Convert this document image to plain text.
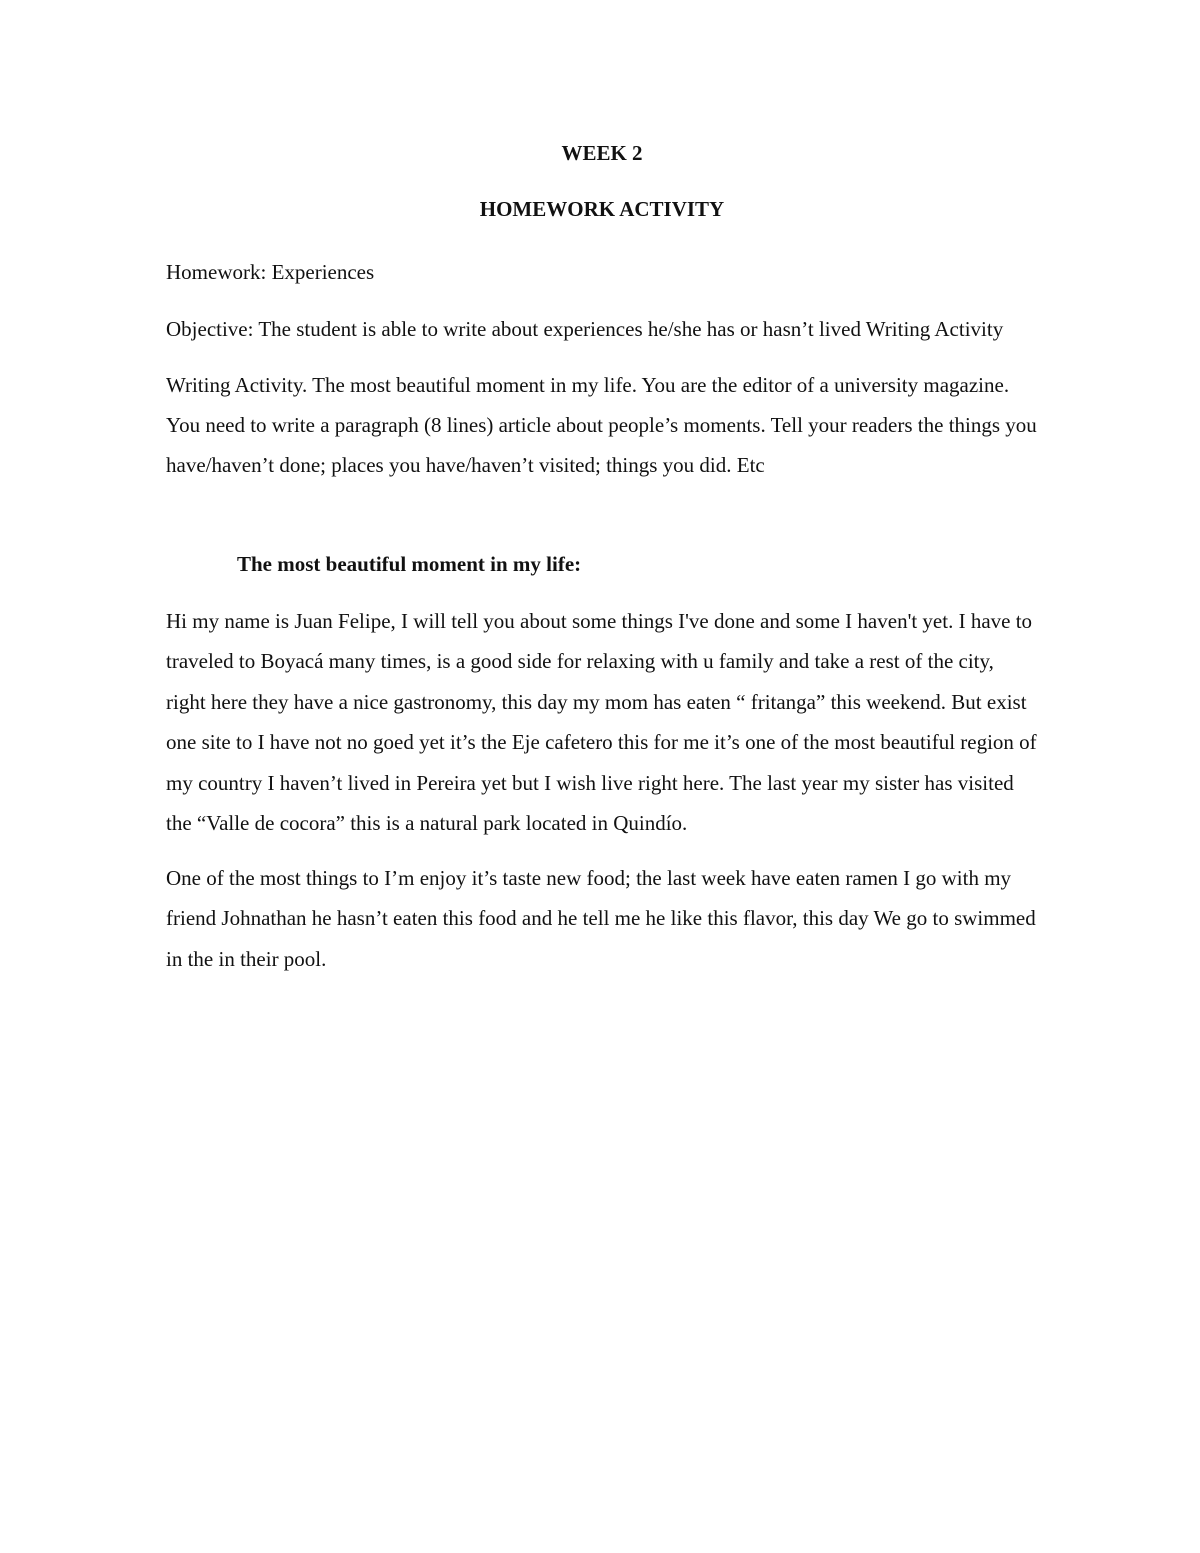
WEEK 2
HOMEWORK ACTIVITY

Homework: Experiences

Objective: The student is able to write about experiences he/she has or hasn’t lived Writing Activity

Writing Activity. The most beautiful moment in my life. You are the editor of a university magazine. You need to write a paragraph (8 lines) article about people’s moments. Tell your readers the things you have/haven’t done; places you have/haven’t visited; things you did. Etc

The most beautiful moment in my life:

Hi my name is Juan Felipe, I will tell you about some things I've done and some I haven't yet. I have to traveled to Boyacá many times, is a good side for relaxing with u family and take a rest of the city, right here they have a nice gastronomy, this day my mom has eaten “ fritanga” this weekend. But exist one site to I have not no goed yet it’s the Eje cafetero this for me it’s one of the most beautiful region of my country I haven’t lived in Pereira yet but I wish live right here. The last year my sister has visited the “Valle de cocora” this is a natural park located in Quindío.

One of the most things to I’m enjoy it’s taste new food; the last week have eaten ramen I go with my friend Johnathan he hasn’t eaten this food and he tell me he like this flavor, this day We go to swimmed in the in their pool.
